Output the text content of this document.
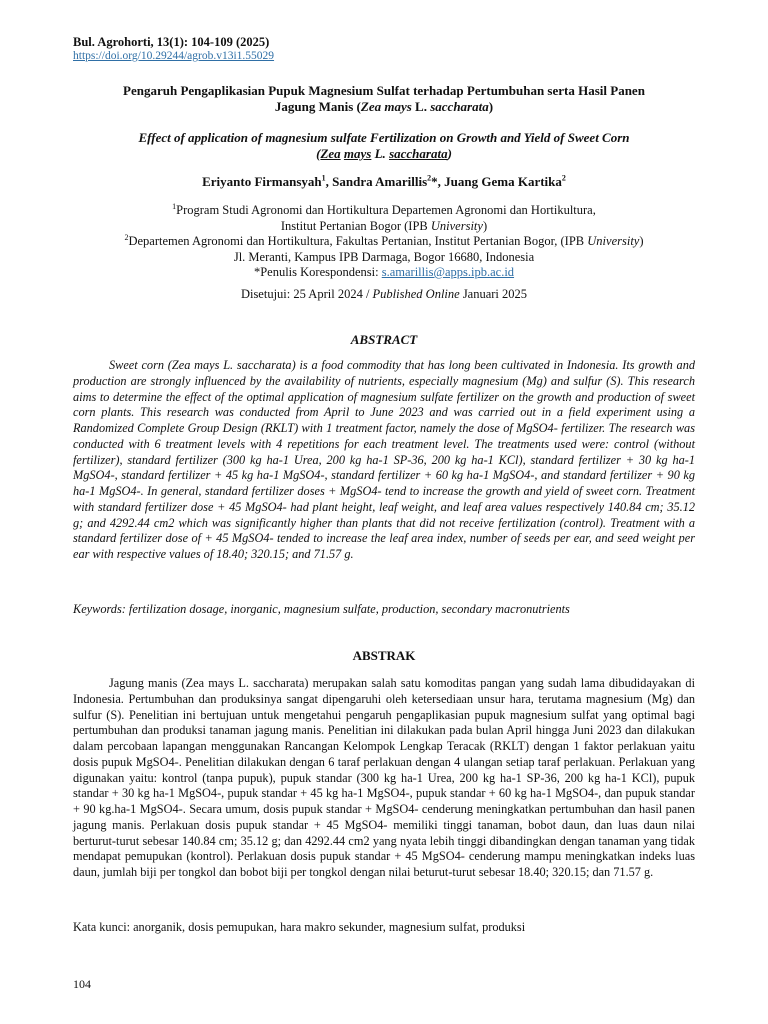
Bul. Agrohorti, 13(1): 104-109 (2025)
https://doi.org/10.29244/agrob.v13i1.55029
Pengaruh Pengaplikasian Pupuk Magnesium Sulfat terhadap Pertumbuhan serta Hasil Panen
Jagung Manis (Zea mays L. saccharata)
Effect of application of magnesium sulfate Fertilization on Growth and Yield of Sweet Corn
(Zea mays L. saccharata)
Eriyanto Firmansyah$^1$, Sandra Amarillis$^2$*, Juang Gema Kartika$^2$
$^1$Program Studi Agronomi dan Hortikultura Departemen Agronomi dan Hortikultura,
Institut Pertanian Bogor (IPB University)
$^2$Departemen Agronomi dan Hortikultura, Fakultas Pertanian, Institut Pertanian Bogor, (IPB University)
Jl. Meranti, Kampus IPB Darmaga, Bogor 16680, Indonesia
*Penulis Korespondensi: s.amarillis@apps.ipb.ac.id
Disetujui: 25 April 2024 / Published Online Januari 2025
ABSTRACT
Sweet corn (Zea mays L. saccharata) is a food commodity that has long been cultivated in Indonesia. Its growth and production are strongly influenced by the availability of nutrients, especially magnesium (Mg) and sulfur (S). This research aims to determine the effect of the optimal application of magnesium sulfate fertilizer on the growth and production of sweet corn plants. This research was conducted from April to June 2023 and was carried out in a field experiment using a Randomized Complete Group Design (RKLT) with 1 treatment factor, namely the dose of MgSO4- fertilizer. The research was conducted with 6 treatment levels with 4 repetitions for each treatment level. The treatments used were: control (without fertilizer), standard fertilizer (300 kg ha-1 Urea, 200 kg ha-1 SP-36, 200 kg ha-1 KCl), standard fertilizer + 30 kg ha-1 MgSO4-, standard fertilizer + 45 kg ha-1 MgSO4-, standard fertilizer + 60 kg ha-1 MgSO4-, and standard fertilizer + 90 kg ha-1 MgSO4-. In general, standard fertilizer doses + MgSO4- tend to increase the growth and yield of sweet corn. Treatment with standard fertilizer dose + 45 MgSO4- had plant height, leaf weight, and leaf area values respectively 140.84 cm; 35.12 g; and 4292.44 cm2 which was significantly higher than plants that did not receive fertilization (control). Treatment with a standard fertilizer dose of + 45 MgSO4- tended to increase the leaf area index, number of seeds per ear, and seed weight per ear with respective values of 18.40; 320.15; and 71.57 g.
Keywords: fertilization dosage, inorganic, magnesium sulfate, production, secondary macronutrients
ABSTRAK
Jagung manis (Zea mays L. saccharata) merupakan salah satu komoditas pangan yang sudah lama dibudidayakan di Indonesia. Pertumbuhan dan produksinya sangat dipengaruhi oleh ketersediaan unsur hara, terutama magnesium (Mg) dan sulfur (S). Penelitian ini bertujuan untuk mengetahui pengaruh pengaplikasian pupuk magnesium sulfat yang optimal bagi pertumbuhan dan produksi tanaman jagung manis. Penelitian ini dilakukan pada bulan April hingga Juni 2023 dan dilakukan dalam percobaan lapangan menggunakan Rancangan Kelompok Lengkap Teracak (RKLT) dengan 1 faktor perlakuan yaitu dosis pupuk MgSO4-. Penelitian dilakukan dengan 6 taraf perlakuan dengan 4 ulangan setiap taraf perlakuan. Perlakuan yang digunakan yaitu: kontrol (tanpa pupuk), pupuk standar (300 kg ha-1 Urea, 200 kg ha-1 SP-36, 200 kg ha-1 KCl), pupuk standar + 30 kg ha-1 MgSO4-, pupuk standar + 45 kg ha-1 MgSO4-, pupuk standar + 60 kg ha-1 MgSO4-, dan pupuk standar + 90 kg.ha-1 MgSO4-. Secara umum, dosis pupuk standar + MgSO4- cenderung meningkatkan pertumbuhan dan hasil panen jagung manis. Perlakuan dosis pupuk standar + 45 MgSO4- memiliki tinggi tanaman, bobot daun, dan luas daun nilai berturut-turut sebesar 140.84 cm; 35.12 g; dan 4292.44 cm2 yang nyata lebih tinggi dibandingkan dengan tanaman yang tidak mendapat pemupukan (kontrol). Perlakuan dosis pupuk standar + 45 MgSO4- cenderung mampu meningkatkan indeks luas daun, jumlah biji per tongkol dan bobot biji per tongkol dengan nilai beturut-turut sebesar 18.40; 320.15; dan 71.57 g.
Kata kunci: anorganik, dosis pemupukan, hara makro sekunder, magnesium sulfat, produksi
104
